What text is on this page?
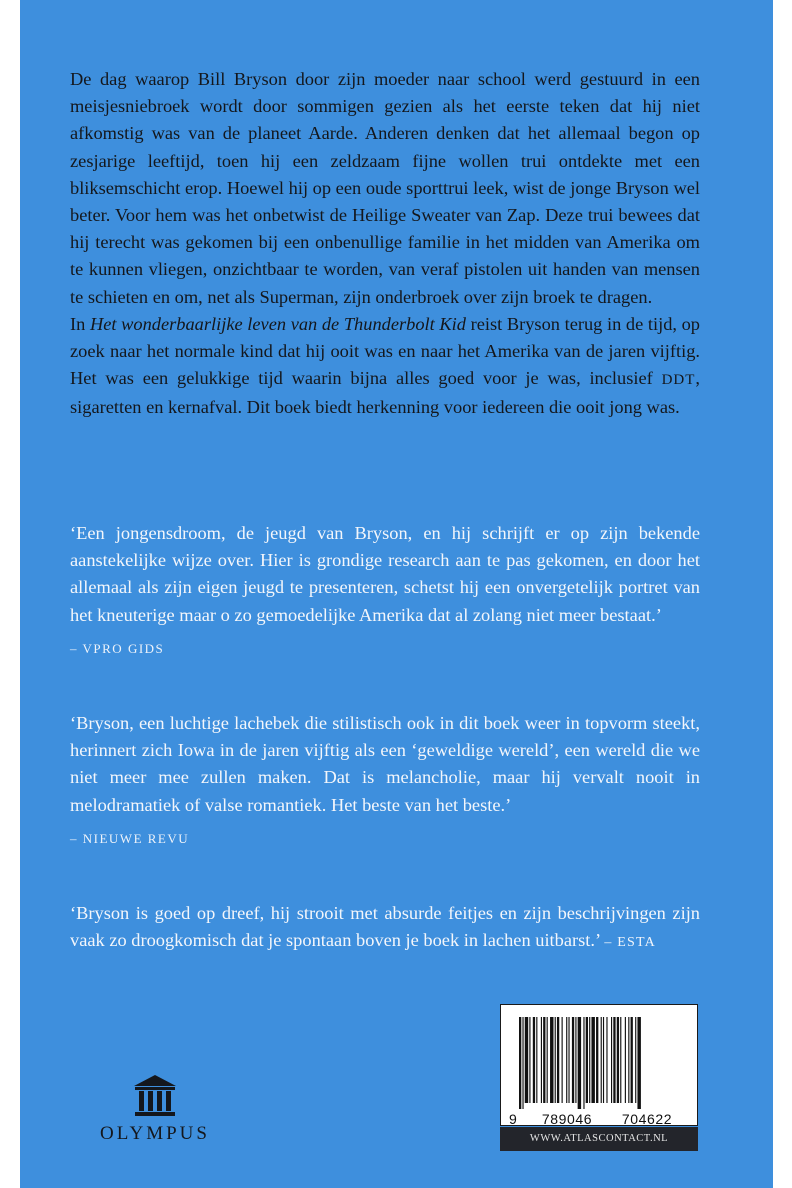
De dag waarop Bill Bryson door zijn moeder naar school werd gestuurd in een meisjesniebroek wordt door sommigen gezien als het eerste teken dat hij niet afkomstig was van de planeet Aarde. Anderen denken dat het allemaal begon op zesjarige leeftijd, toen hij een zeldzaam fijne wollen trui ontdekte met een bliksemschicht erop. Hoewel hij op een oude sporttrui leek, wist de jonge Bryson wel beter. Voor hem was het onbetwist de Heilige Sweater van Zap. Deze trui bewees dat hij terecht was gekomen bij een onbenullige familie in het midden van Amerika om te kunnen vliegen, onzichtbaar te worden, van veraf pistolen uit handen van mensen te schieten en om, net als Superman, zijn onderbroek over zijn broek te dragen.

In Het wonderbaarlijke leven van de Thunderbolt Kid reist Bryson terug in de tijd, op zoek naar het normale kind dat hij ooit was en naar het Amerika van de jaren vijftig. Het was een gelukkige tijd waarin bijna alles goed voor je was, inclusief DDT, sigaretten en kernafval. Dit boek biedt herkenning voor iedereen die ooit jong was.

‘Een jongensdroom, de jeugd van Bryson, en hij schrijft er op zijn bekende aanstekelijke wijze over. Hier is grondige research aan te pas gekomen, en door het allemaal als zijn eigen jeugd te presenteren, schetst hij een onvergetelijk portret van het kneuterige maar o zo gemoedelijke Amerika dat al zolang niet meer bestaat.’

– VPRO GIDS

‘Bryson, een luchtige lachebek die stilistisch ook in dit boek weer in topvorm steekt, herinnert zich Iowa in de jaren vijftig als een ‘geweldige wereld’, een wereld die we niet meer mee zullen maken. Dat is melancholie, maar hij vervalt nooit in melodramatiek of valse romantiek. Het beste van het beste.’

– NIEUWE REVU

‘Bryson is goed op dreef, hij strooit met absurde feitjes en zijn beschrijvingen zijn vaak zo droogkomisch dat je spontaan boven je boek in lachen uitbarst.’ – ESTA

OLYMPUS
9 789046 704622
WWW.ATLASCONTACT.NL
